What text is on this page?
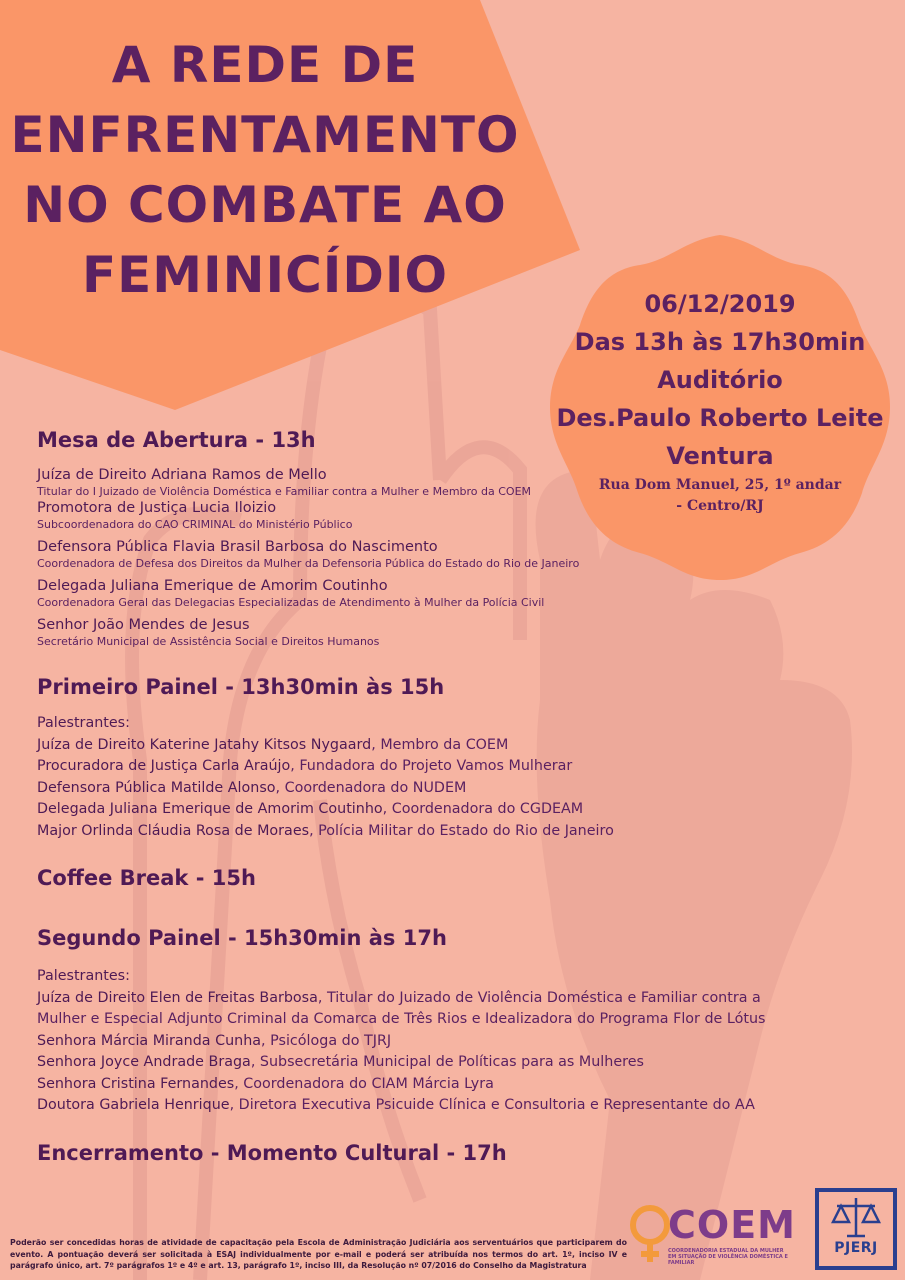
A REDE DE
ENFRENTAMENTO
NO COMBATE AO
FEMINICÍDIO	06/12/2019
Das 13h às 17h30min
Auditório
Des.Paulo Roberto Leite
Ventura
Rua Dom Manuel, 25, 1º andar
- Centro/RJ
Mesa de Abertura - 13h
Juíza de Direito Adriana Ramos de Mello
Titular do I Juizado de Violência Doméstica e Familiar contra a Mulher e Membro da COEM
Promotora de Justiça Lucia Iloizio
Subcoordenadora do CAO CRIMINAL do Ministério Público
Defensora Pública Flavia Brasil Barbosa do Nascimento
Coordenadora de Defesa dos Direitos da Mulher da Defensoria Pública do Estado do Rio de Janeiro
Delegada Juliana Emerique de Amorim Coutinho
Coordenadora Geral das Delegacias Especializadas de Atendimento à Mulher da Polícia Civil
Senhor João Mendes de Jesus
Secretário Municipal de Assistência Social e Direitos Humanos
Primeiro Painel - 13h30min às 15h
Palestrantes:
Juíza de Direito Katerine Jatahy Kitsos Nygaard, Membro da COEM
Procuradora de Justiça Carla Araújo, Fundadora do Projeto Vamos Mulherar
Defensora Pública Matilde Alonso, Coordenadora do NUDEM
Delegada Juliana Emerique de Amorim Coutinho, Coordenadora do CGDEAM
Major Orlinda Cláudia Rosa de Moraes, Polícia Militar do Estado do Rio de Janeiro
Coffee Break - 15h
Segundo Painel - 15h30min às 17h
Palestrantes:
Juíza de Direito Elen de Freitas Barbosa, Titular do Juizado de Violência Doméstica e Familiar contra a
Mulher e Especial Adjunto Criminal da Comarca de Três Rios e Idealizadora do Programa Flor de Lótus
Senhora Márcia Miranda Cunha, Psicóloga do TJRJ
Senhora Joyce Andrade Braga, Subsecretária Municipal de Políticas para as Mulheres
Senhora Cristina Fernandes, Coordenadora do CIAM Márcia Lyra
Doutora Gabriela Henrique, Diretora Executiva Psicuide Clínica e Consultoria e Representante do AA
Encerramento - Momento Cultural - 17h
Poderão ser concedidas horas de atividade de capacitação pela Escola de Administração Judiciária aos serventuários que participarem do evento. A pontuação deverá ser solicitada à ESAJ individualmente por e-mail e poderá ser atribuída nos termos do art. 1º, inciso IV e parágrafo único, art. 7º parágrafos 1º e 4º e art. 13, parágrafo 1º, inciso III, da Resolução nº 07/2016 do Conselho da Magistratura
COEM
COORDENADORIA ESTADUAL DA MULHER EM SITUAÇÃO DE VIOLÊNCIA DOMÉSTICA E FAMILIAR
PJERJ
